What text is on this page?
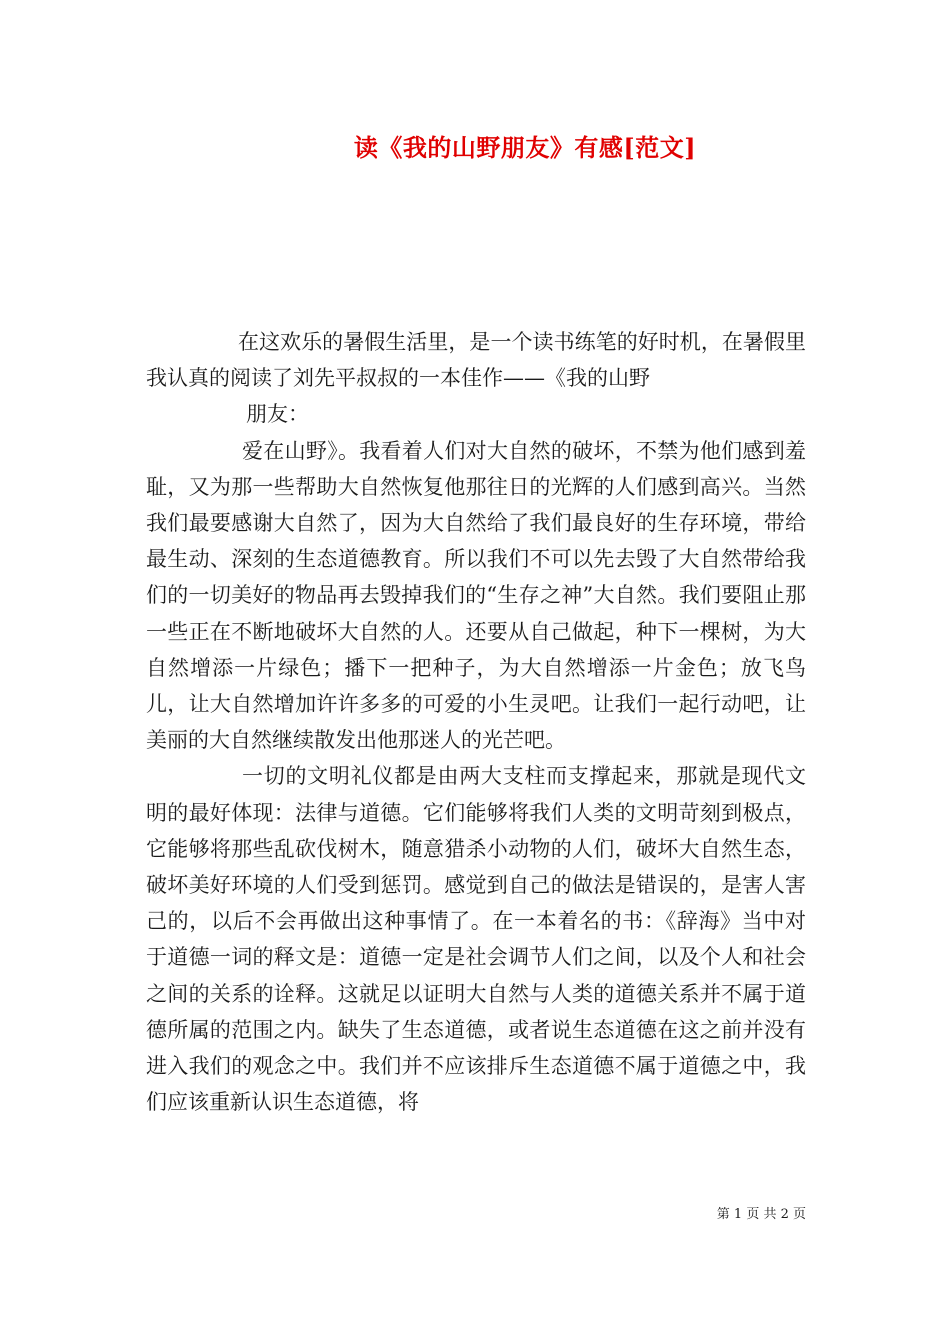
读《我的山野朋友》有感[范文]

在这欢乐的暑假生活里，是一个读书练笔的好时机，在暑假里我认真的阅读了刘先平叔叔的一本佳作——《我的山野

朋友：

爱在山野》。我看着人们对大自然的破坏，不禁为他们感到羞耻，又为那一些帮助大自然恢复他那往日的光辉的人们感到高兴。当然我们最要感谢大自然了，因为大自然给了我们最良好的生存环境，带给最生动、深刻的生态道德教育。所以我们不可以先去毁了大自然带给我们的一切美好的物品再去毁掉我们的“生存之神”大自然。我们要阻止那一些正在不断地破坏大自然的人。还要从自己做起，种下一棵树，为大自然增添一片绿色；播下一把种子，为大自然增添一片金色；放飞鸟儿，让大自然增加许许多多的可爱的小生灵吧。让我们一起行动吧，让美丽的大自然继续散发出他那迷人的光芒吧。

一切的文明礼仪都是由两大支柱而支撑起来，那就是现代文明的最好体现：法律与道德。它们能够将我们人类的文明苛刻到极点，它能够将那些乱砍伐树木，随意猎杀小动物的人们，破坏大自然生态，破坏美好环境的人们受到惩罚。感觉到自己的做法是错误的，是害人害己的，以后不会再做出这种事情了。在一本着名的书：《辞海》当中对于道德一词的释文是：道德一定是社会调节人们之间，以及个人和社会之间的关系的诠释。这就足以证明大自然与人类的道德关系并不属于道德所属的范围之内。缺失了生态道德，或者说生态道德在这之前并没有进入我们的观念之中。我们并不应该排斥生态道德不属于道德之中，我们应该重新认识生态道德，将

第 1 页 共 2 页
